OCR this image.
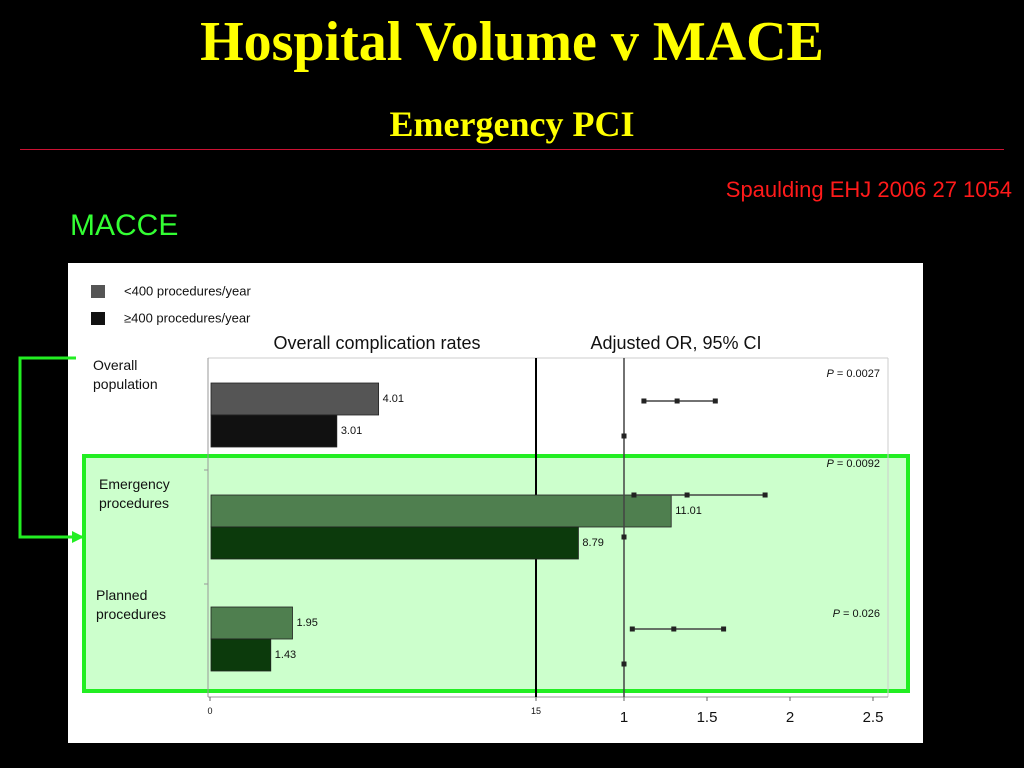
Hospital Volume v MACE
Emergency PCI
Spaulding EHJ 2006 27 1054
MACCE
<400 procedures/year
≥400 procedures/year
Overall complication rates	Adjusted OR, 95% CI
Overall population
Emergency procedures
Planned procedures
4.01
11.01
1.95
3.01
8.79
1.43
P = 0.0027
P = 0.0092
P = 0.026
0	15	1	1.5	2	2.5
